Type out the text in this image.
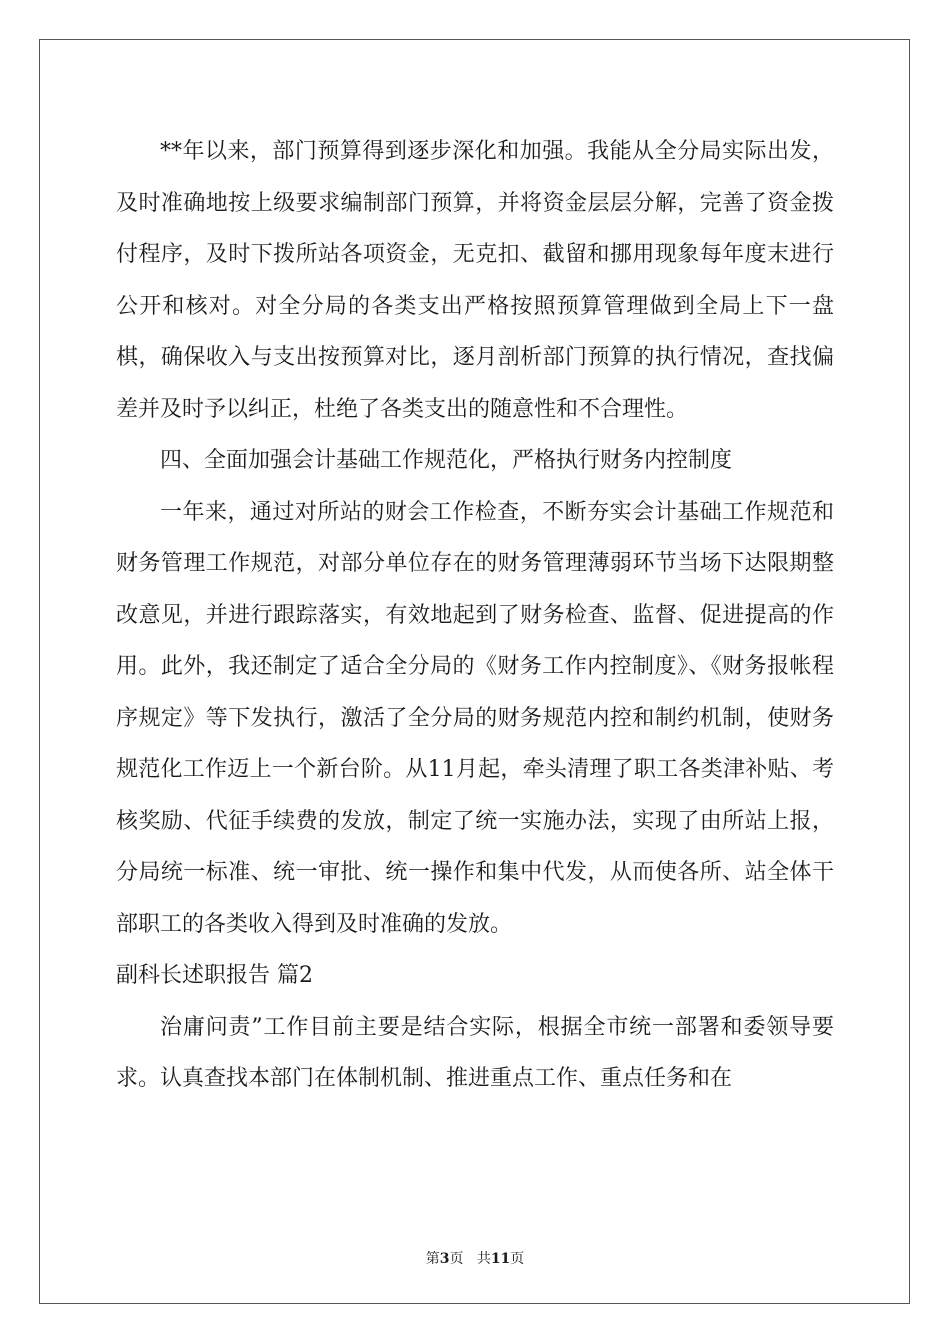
**年以来，部门预算得到逐步深化和加强。我能从全分局实际出发，及时准确地按上级要求编制部门预算，并将资金层层分解，完善了资金拨付程序，及时下拨所站各项资金，无克扣、截留和挪用现象每年度末进行公开和核对。对全分局的各类支出严格按照预算管理做到全局上下一盘棋，确保收入与支出按预算对比，逐月剖析部门预算的执行情况，查找偏差并及时予以纠正，杜绝了各类支出的随意性和不合理性。

四、全面加强会计基础工作规范化，严格执行财务内控制度

一年来，通过对所站的财会工作检查，不断夯实会计基础工作规范和财务管理工作规范，对部分单位存在的财务管理薄弱环节当场下达限期整改意见，并进行跟踪落实，有效地起到了财务检查、监督、促进提高的作用。此外，我还制定了适合全分局的《财务工作内控制度》、《财务报帐程序规定》等下发执行，激活了全分局的财务规范内控和制约机制，使财务规范化工作迈上一个新台阶。从11月起，牵头清理了职工各类津补贴、考核奖励、代征手续费的发放，制定了统一实施办法，实现了由所站上报，分局统一标准、统一审批、统一操作和集中代发，从而使各所、站全体干部职工的各类收入得到及时准确的发放。

副科长述职报告 篇2

治庸问责”工作目前主要是结合实际，根据全市统一部署和委领导要求。认真查找本部门在体制机制、推进重点工作、重点任务和在

第3页 共11页
